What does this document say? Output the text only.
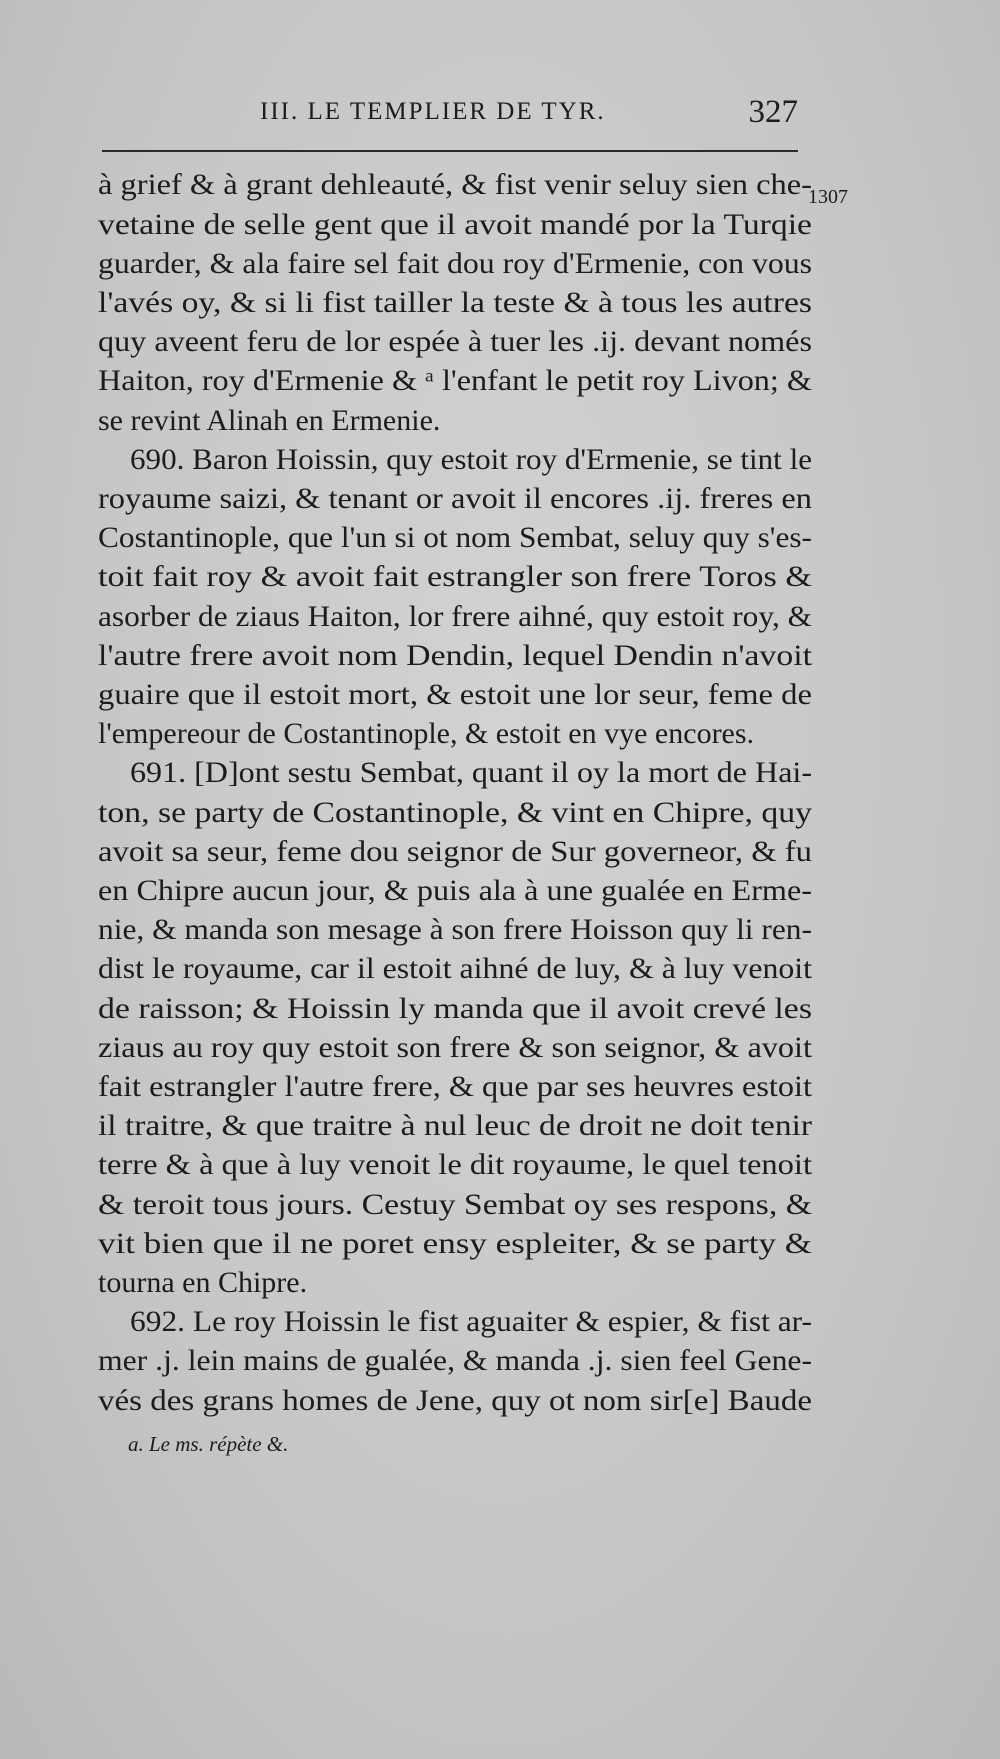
III. LE TEMPLIER DE TYR.	327
1307
à grief & à grant dehleauté, & fist venir seluy sien che-
vetaine de selle gent que il avoit mandé por la Turqie
guarder, & ala faire sel fait dou roy d'Ermenie, con vous
l'avés oy, & si li fist tailler la teste & à tous les autres
quy aveent feru de lor espée à tuer les .ij. devant només
Haiton, roy d'Ermenie & ᵃ l'enfant le petit roy Livon; &
se revint Alinah en Ermenie.
690. Baron Hoissin, quy estoit roy d'Ermenie, se tint le
royaume saizi, & tenant or avoit il encores .ij. freres en
Costantinople, que l'un si ot nom Sembat, seluy quy s'es-
toit fait roy & avoit fait estrangler son frere Toros &
asorber de ziaus Haiton, lor frere aihné, quy estoit roy, &
l'autre frere avoit nom Dendin, lequel Dendin n'avoit
guaire que il estoit mort, & estoit une lor seur, feme de
l'empereour de Costantinople, & estoit en vye encores.
691. [D]ont sestu Sembat, quant il oy la mort de Hai-
ton, se party de Costantinople, & vint en Chipre, quy
avoit sa seur, feme dou seignor de Sur governeor, & fu
en Chipre aucun jour, & puis ala à une gualée en Erme-
nie, & manda son mesage à son frere Hoisson quy li ren-
dist le royaume, car il estoit aihné de luy, & à luy venoit
de raisson; & Hoissin ly manda que il avoit crevé les
ziaus au roy quy estoit son frere & son seignor, & avoit
fait estrangler l'autre frere, & que par ses heuvres estoit
il traitre, & que traitre à nul leuc de droit ne doit tenir
terre & à que à luy venoit le dit royaume, le quel tenoit
& teroit tous jours. Cestuy Sembat oy ses respons, &
vit bien que il ne poret ensy espleiter, & se party &
tourna en Chipre.
692. Le roy Hoissin le fist aguaiter & espier, & fist ar-
mer .j. lein mains de gualée, & manda .j. sien feel Gene-
vés des grans homes de Jene, quy ot nom sir[e] Baude
a. Le ms. répète &.
